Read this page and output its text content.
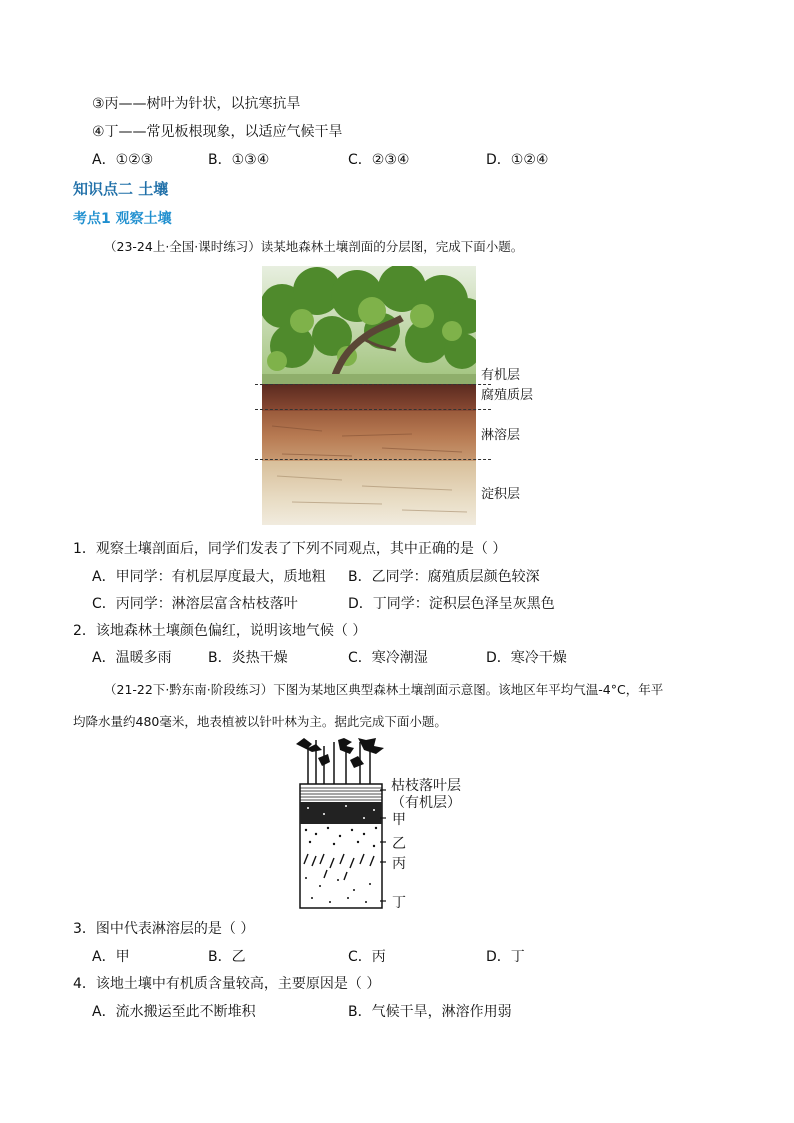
③丙——树叶为针状，以抗寒抗旱
④丁——常见板根现象，以适应气候干旱
A．①②③	B．①③④	C．②③④	D．①②④
知识点二 土壤
考点1 观察土壤
（23-24上·全国·课时练习）读某地森林土壤剖面的分层图，完成下面小题。
有机层
腐殖质层
淋溶层
淀积层
1．观察土壤剖面后，同学们发表了下列不同观点，其中正确的是（ ）
A．甲同学：有机层厚度最大，质地粗 B．乙同学：腐殖质层颜色较深
C．丙同学：淋溶层富含枯枝落叶	D．丁同学：淀积层色泽呈灰黑色
2．该地森林土壤颜色偏红，说明该地气候（ ）
A．温暖多雨	B．炎热干燥	C．寒冷潮湿	D．寒冷干燥
（21-22下·黔东南·阶段练习）下图为某地区典型森林土壤剖面示意图。该地区年平均气温-4°C，年平
均降水量约480毫米，地表植被以针叶林为主。据此完成下面小题。
枯枝落叶层
（有机层）
甲
乙
丙
丁
3．图中代表淋溶层的是（ ）
A．甲	B．乙	C．丙	D．丁
4．该地土壤中有机质含量较高，主要原因是（ ）
A．流水搬运至此不断堆积	B．气候干旱，淋溶作用弱
